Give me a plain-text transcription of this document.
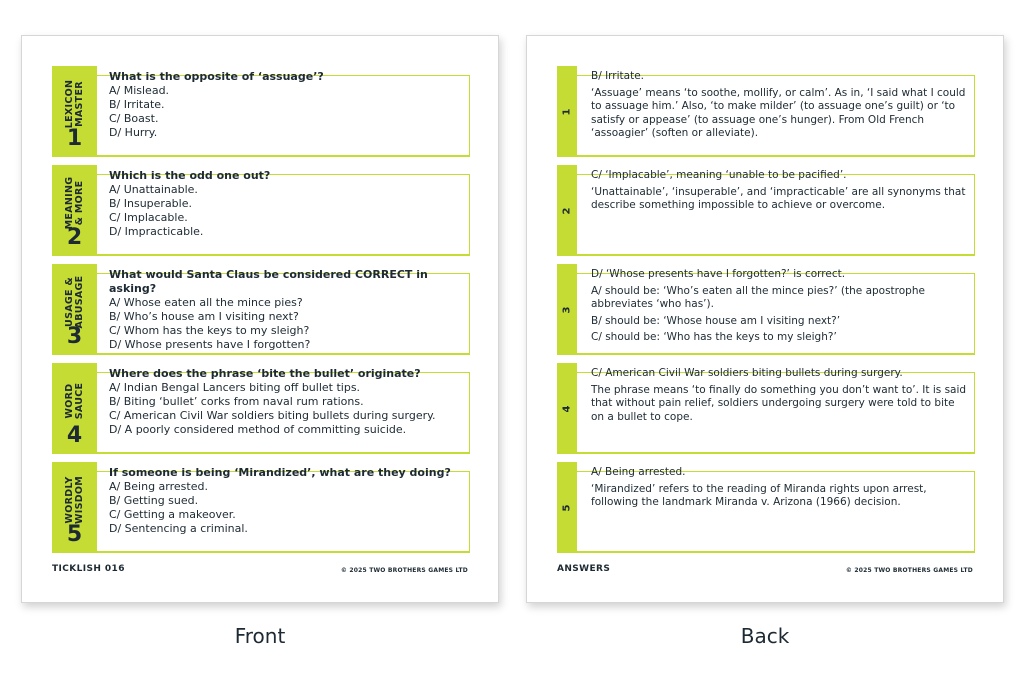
LEXICON MASTER
1
What is the opposite of ‘assuage’?
A/ Mislead.
B/ Irritate.
C/ Boast.
D/ Hurry.
MEANING & MORE
2
Which is the odd one out?
A/ Unattainable.
B/ Insuperable.
C/ Implacable.
D/ Impracticable.
USAGE & ABUSAGE
3
What would Santa Claus be considered CORRECT in asking?
A/ Whose eaten all the mince pies?
B/ Who’s house am I visiting next?
C/ Whom has the keys to my sleigh?
D/ Whose presents have I forgotten?
WORD SAUCE
4
Where does the phrase ‘bite the bullet’ originate?
A/ Indian Bengal Lancers biting off bullet tips.
B/ Biting ‘bullet’ corks from naval rum rations.
C/ American Civil War soldiers biting bullets during surgery.
D/ A poorly considered method of committing suicide.
WORDLY WISDOM
5
If someone is being ‘Mirandized’, what are they doing?
A/ Being arrested.
B/ Getting sued.
C/ Getting a makeover.
D/ Sentencing a criminal.
TICKLISH 016	© 2025 TWO BROTHERS GAMES LTD
Front
1
B/ Irritate.
‘Assuage’ means ‘to soothe, mollify, or calm’. As in, ‘I said what I could to assuage him.’ Also, ‘to make milder’ (to assuage one’s guilt) or ‘to satisfy or appease’ (to assuage one’s hunger). From Old French ‘assoagier’ (soften or alleviate).
2
C/ ‘Implacable’, meaning ‘unable to be pacified’.
‘Unattainable’, ‘insuperable’, and ‘impracticable’ are all synonyms that describe something impossible to achieve or overcome.
3
D/ ‘Whose presents have I forgotten?’ is correct.
A/ should be: ‘Who’s eaten all the mince pies?’ (the apostrophe abbreviates ‘who has’).
B/ should be: ‘Whose house am I visiting next?’
C/ should be: ‘Who has the keys to my sleigh?’
4
C/ American Civil War soldiers biting bullets during surgery.
The phrase means ‘to finally do something you don’t want to’. It is said that without pain relief, soldiers undergoing surgery were told to bite on a bullet to cope.
5
A/ Being arrested.
‘Mirandized’ refers to the reading of Miranda rights upon arrest, following the landmark Miranda v. Arizona (1966) decision.
ANSWERS	© 2025 TWO BROTHERS GAMES LTD
Back
